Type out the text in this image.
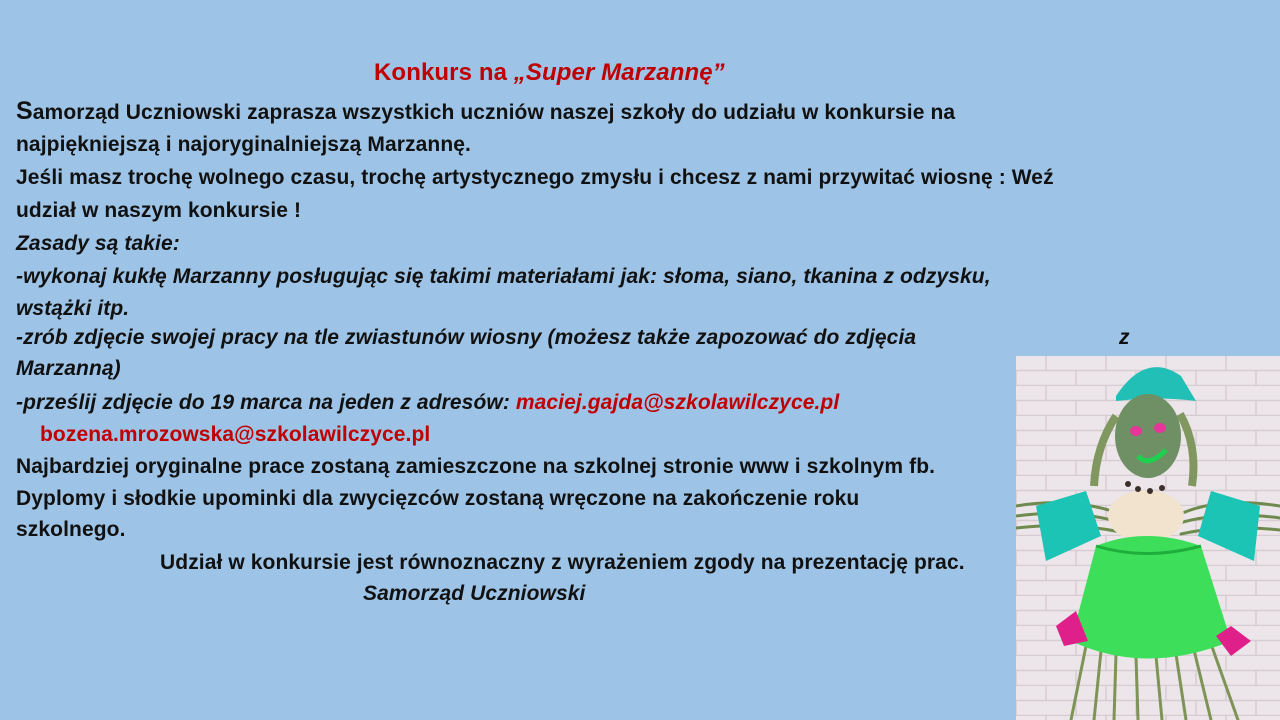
Konkurs na „Super Marzannę”
Samorząd Uczniowski zaprasza wszystkich uczniów naszej szkoły do udziału w konkursie na
najpiękniejszą i najoryginalniejszą Marzannę.
Jeśli masz trochę wolnego czasu, trochę artystycznego zmysłu i chcesz z nami przywitać wiosnę : Weź
udział w naszym konkursie !
Zasady są takie:
-wykonaj kukłę Marzanny posługując się takimi materiałami jak: słoma, siano, tkanina z odzysku,
wstążki itp.
-zrób zdjęcie swojej pracy na tle zwiastunów wiosny (możesz także zapozować do zdjęcia	z
Marzanną)
-prześlij zdjęcie do 19 marca na jeden z adresów: maciej.gajda@szkolawilczyce.pl
bozena.mrozowska@szkolawilczyce.pl
Najbardziej oryginalne prace zostaną zamieszczone na szkolnej stronie www i szkolnym fb.
Dyplomy i słodkie upominki dla zwycięzców zostaną wręczone na zakończenie roku
szkolnego.
Udział w konkursie jest równoznaczny z wyrażeniem zgody na prezentację prac.
Samorząd Uczniowski
